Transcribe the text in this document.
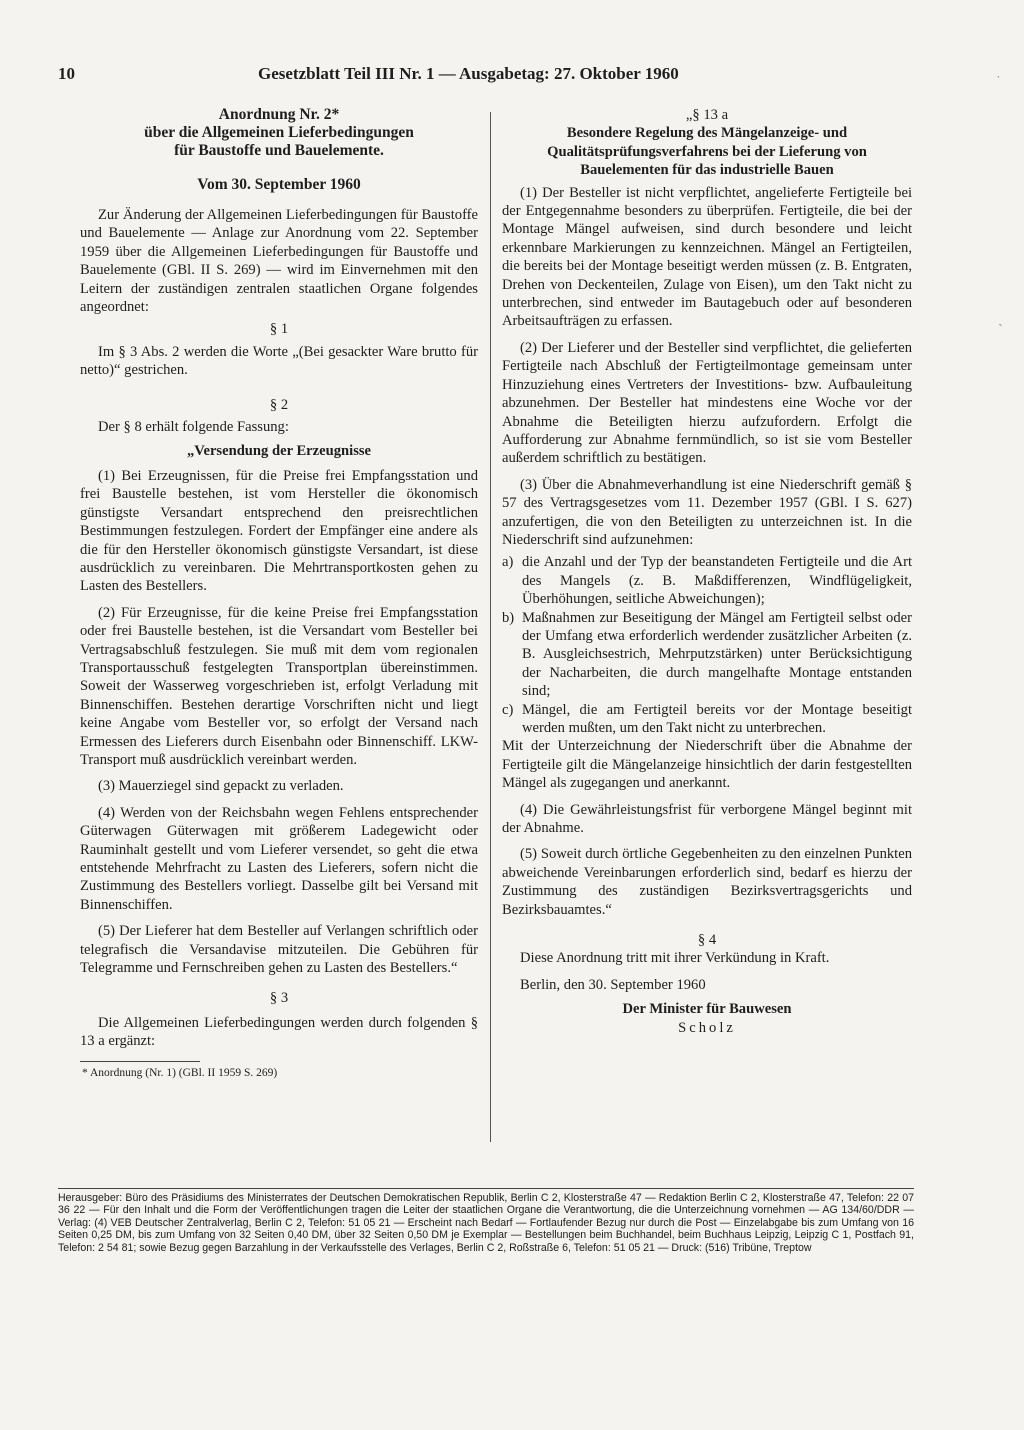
10	Gesetzblatt Teil III Nr. 1 — Ausgabetag: 27. Oktober 1960
Anordnung Nr. 2*
über die Allgemeinen Lieferbedingungen
für Baustoffe und Bauelemente.
Vom 30. September 1960

Zur Änderung der Allgemeinen Lieferbedingungen für Baustoffe und Bauelemente — Anlage zur Anordnung vom 22. September 1959 über die Allgemeinen Lieferbedingungen für Baustoffe und Bauelemente (GBl. II S. 269) — wird im Einvernehmen mit den Leitern der zuständigen zentralen staatlichen Organe folgendes angeordnet:

§ 1

Im § 3 Abs. 2 werden die Worte „(Bei gesackter Ware brutto für netto)“ gestrichen.

§ 2

Der § 8 erhält folgende Fassung:

„Versendung der Erzeugnisse

(1) Bei Erzeugnissen, für die Preise frei Empfangsstation und frei Baustelle bestehen, ist vom Hersteller die ökonomisch günstigste Versandart entsprechend den preisrechtlichen Bestimmungen festzulegen. Fordert der Empfänger eine andere als die für den Hersteller ökonomisch günstigste Versandart, ist diese ausdrücklich zu vereinbaren. Die Mehrtransportkosten gehen zu Lasten des Bestellers.

(2) Für Erzeugnisse, für die keine Preise frei Empfangsstation oder frei Baustelle bestehen, ist die Versandart vom Besteller bei Vertragsabschluß festzulegen. Sie muß mit dem vom regionalen Transportausschuß festgelegten Transportplan übereinstimmen. Soweit der Wasserweg vorgeschrieben ist, erfolgt Verladung mit Binnenschiffen. Bestehen derartige Vorschriften nicht und liegt keine Angabe vom Besteller vor, so erfolgt der Versand nach Ermessen des Lieferers durch Eisenbahn oder Binnenschiff. LKW-Transport muß ausdrücklich vereinbart werden.

(3) Mauerziegel sind gepackt zu verladen.

(4) Werden von der Reichsbahn wegen Fehlens entsprechender Güterwagen Güterwagen mit größerem Ladegewicht oder Rauminhalt gestellt und vom Lieferer versendet, so geht die etwa entstehende Mehrfracht zu Lasten des Lieferers, sofern nicht die Zustimmung des Bestellers vorliegt. Dasselbe gilt bei Versand mit Binnenschiffen.

(5) Der Lieferer hat dem Besteller auf Verlangen schriftlich oder telegrafisch die Versandavise mitzuteilen. Die Gebühren für Telegramme und Fernschreiben gehen zu Lasten des Bestellers.“

§ 3

Die Allgemeinen Lieferbedingungen werden durch folgenden § 13 a ergänzt:

* Anordnung (Nr. 1) (GBl. II 1959 S. 269)
„§ 13 a
Besondere Regelung des Mängelanzeige- und Qualitätsprüfungsverfahrens bei der Lieferung von Bauelementen für das industrielle Bauen

(1) Der Besteller ist nicht verpflichtet, angelieferte Fertigteile bei der Entgegennahme besonders zu überprüfen. Fertigteile, die bei der Montage Mängel aufweisen, sind durch besondere und leicht erkennbare Markierungen zu kennzeichnen. Mängel an Fertigteilen, die bereits bei der Montage beseitigt werden müssen (z. B. Entgraten, Drehen von Deckenteilen, Zulage von Eisen), um den Takt nicht zu unterbrechen, sind entweder im Bautagebuch oder auf besonderen Arbeitsaufträgen zu erfassen.

(2) Der Lieferer und der Besteller sind verpflichtet, die gelieferten Fertigteile nach Abschluß der Fertigteilmontage gemeinsam unter Hinzuziehung eines Vertreters der Investitions- bzw. Aufbauleitung abzunehmen. Der Besteller hat mindestens eine Woche vor der Abnahme die Beteiligten hierzu aufzufordern. Erfolgt die Aufforderung zur Abnahme fernmündlich, so ist sie vom Besteller außerdem schriftlich zu bestätigen.

(3) Über die Abnahmeverhandlung ist eine Niederschrift gemäß § 57 des Vertragsgesetzes vom 11. Dezember 1957 (GBl. I S. 627) anzufertigen, die von den Beteiligten zu unterzeichnen ist. In die Niederschrift sind aufzunehmen:

a) die Anzahl und der Typ der beanstandeten Fertigteile und die Art des Mangels (z. B. Maßdifferenzen, Windflügeligkeit, Überhöhungen, seitliche Abweichungen);
b) Maßnahmen zur Beseitigung der Mängel am Fertigteil selbst oder der Umfang etwa erforderlich werdender zusätzlicher Arbeiten (z. B. Ausgleichsestrich, Mehrputzstärken) unter Berücksichtigung der Nacharbeiten, die durch mangelhafte Montage entstanden sind;
c) Mängel, die am Fertigteil bereits vor der Montage beseitigt werden mußten, um den Takt nicht zu unterbrechen.

Mit der Unterzeichnung der Niederschrift über die Abnahme der Fertigteile gilt die Mängelanzeige hinsichtlich der darin festgestellten Mängel als zugegangen und anerkannt.

(4) Die Gewährleistungsfrist für verborgene Mängel beginnt mit der Abnahme.

(5) Soweit durch örtliche Gegebenheiten zu den einzelnen Punkten abweichende Vereinbarungen erforderlich sind, bedarf es hierzu der Zustimmung des zuständigen Bezirksvertragsgerichts und Bezirksbauamtes.“

§ 4

Diese Anordnung tritt mit ihrer Verkündung in Kraft.

Berlin, den 30. September 1960

Der Minister für Bauwesen
Scholz
Herausgeber: Büro des Präsidiums des Ministerrates der Deutschen Demokratischen Republik, Berlin C 2, Klosterstraße 47 — Redaktion Berlin C 2, Klosterstraße 47, Telefon: 22 07 36 22 — Für den Inhalt und die Form der Veröffentlichungen tragen die Leiter der staatlichen Organe die Verantwortung, die die Unterzeichnung vornehmen — AG 134/60/DDR — Verlag: (4) VEB Deutscher Zentralverlag, Berlin C 2, Telefon: 51 05 21 — Erscheint nach Bedarf — Fortlaufender Bezug nur durch die Post — Einzelabgabe bis zum Umfang von 16 Seiten 0,25 DM, bis zum Umfang von 32 Seiten 0,40 DM, über 32 Seiten 0,50 DM je Exemplar — Bestellungen beim Buchhandel, beim Buchhaus Leipzig, Leipzig C 1, Postfach 91, Telefon: 2 54 81; sowie Bezug gegen Barzahlung in der Verkaufsstelle des Verlages, Berlin C 2, Roßstraße 6, Telefon: 51 05 21 — Druck: (516) Tribüne, Treptow
˙
ˏ
